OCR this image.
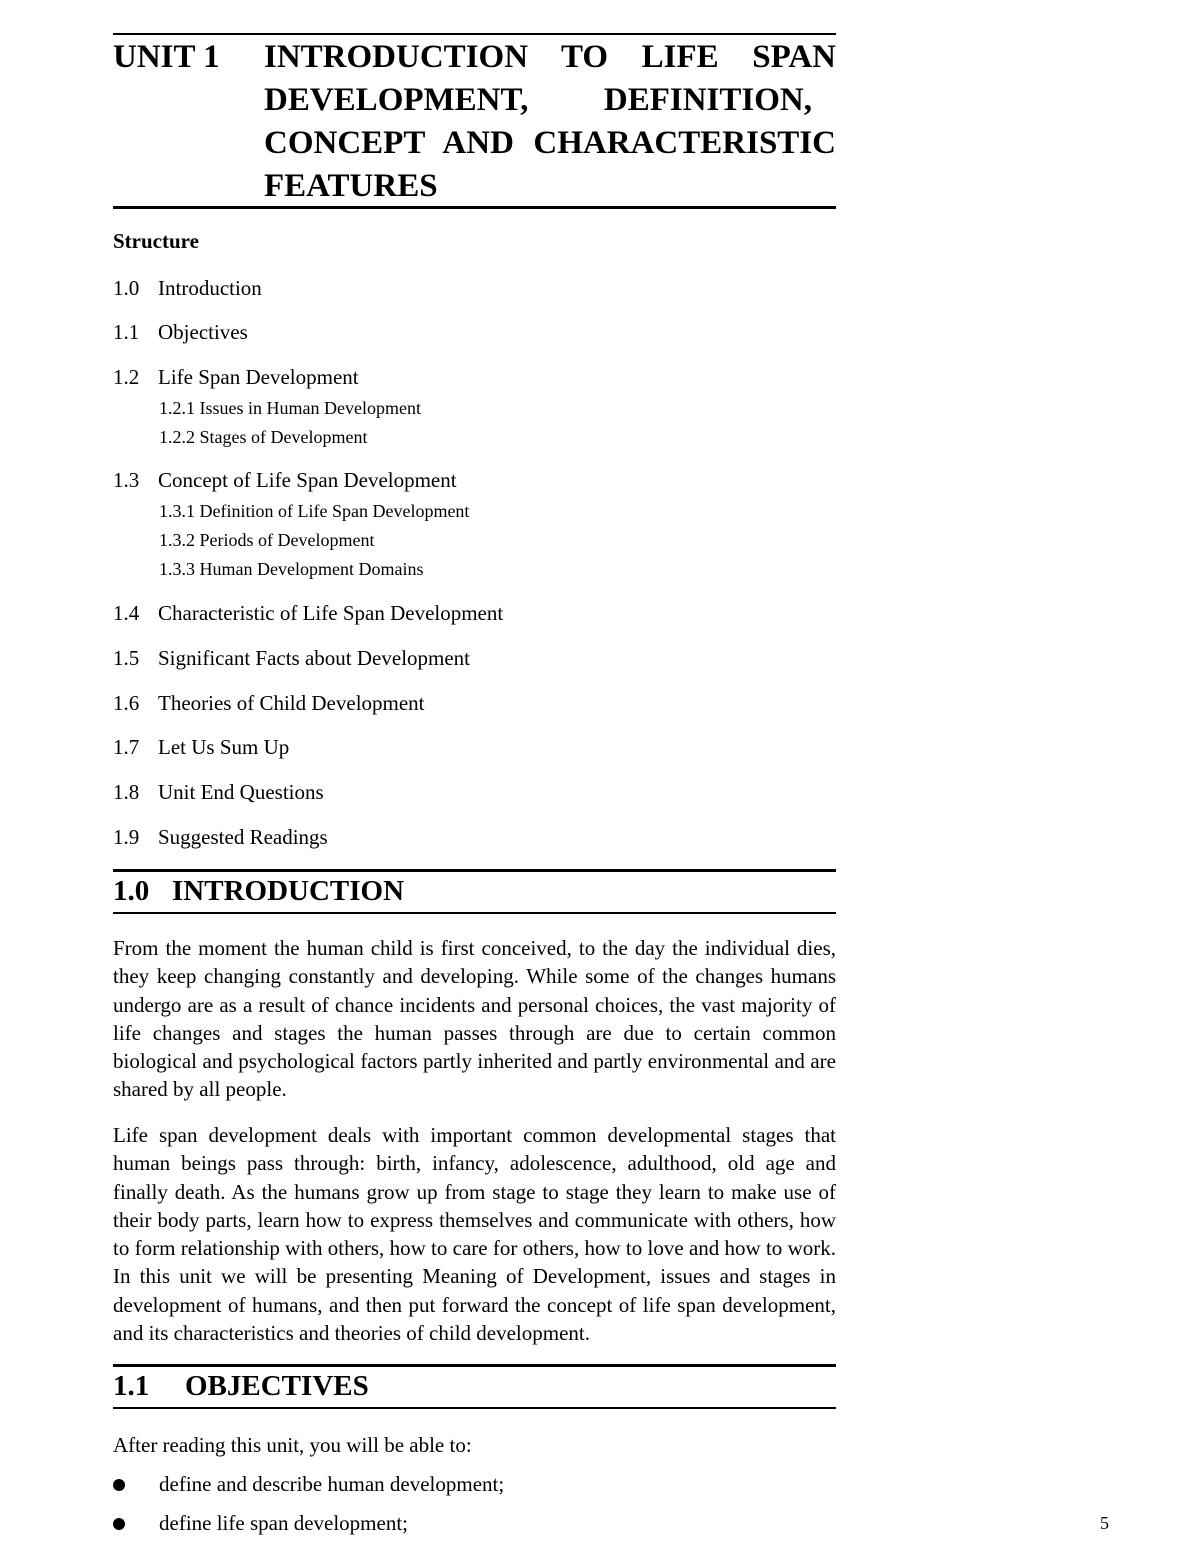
UNIT 1 INTRODUCTION TO LIFE SPAN
DEVELOPMENT, DEFINITION,
CONCEPT AND CHARACTERISTIC
FEATURES
Structure
1.0 Introduction
1.1 Objectives
1.2 Life Span Development
1.2.1 Issues in Human Development
1.2.2 Stages of Development
1.3 Concept of Life Span Development
1.3.1 Definition of Life Span Development
1.3.2 Periods of Development
1.3.3 Human Development Domains
1.4 Characteristic of Life Span Development
1.5 Significant Facts about Development
1.6 Theories of Child Development
1.7 Let Us Sum Up
1.8 Unit End Questions
1.9 Suggested Readings
1.0 INTRODUCTION

From the moment the human child is first conceived, to the day the individual dies, they keep changing constantly and developing. While some of the changes humans undergo are as a result of chance incidents and personal choices, the vast majority of life changes and stages the human passes through are due to certain common biological and psychological factors partly inherited and partly environmental and are shared by all people.

Life span development deals with important common developmental stages that human beings pass through: birth, infancy, adolescence, adulthood, old age and finally death. As the humans grow up from stage to stage they learn to make use of their body parts, learn how to express themselves and communicate with others, how to form relationship with others, how to care for others, how to love and how to work. In this unit we will be presenting Meaning of Development, issues and stages in development of humans, and then put forward the concept of life span development, and its characteristics and theories of child development.

1.1 OBJECTIVES
After reading this unit, you will be able to:
define and describe human development;
define life span development;	5
